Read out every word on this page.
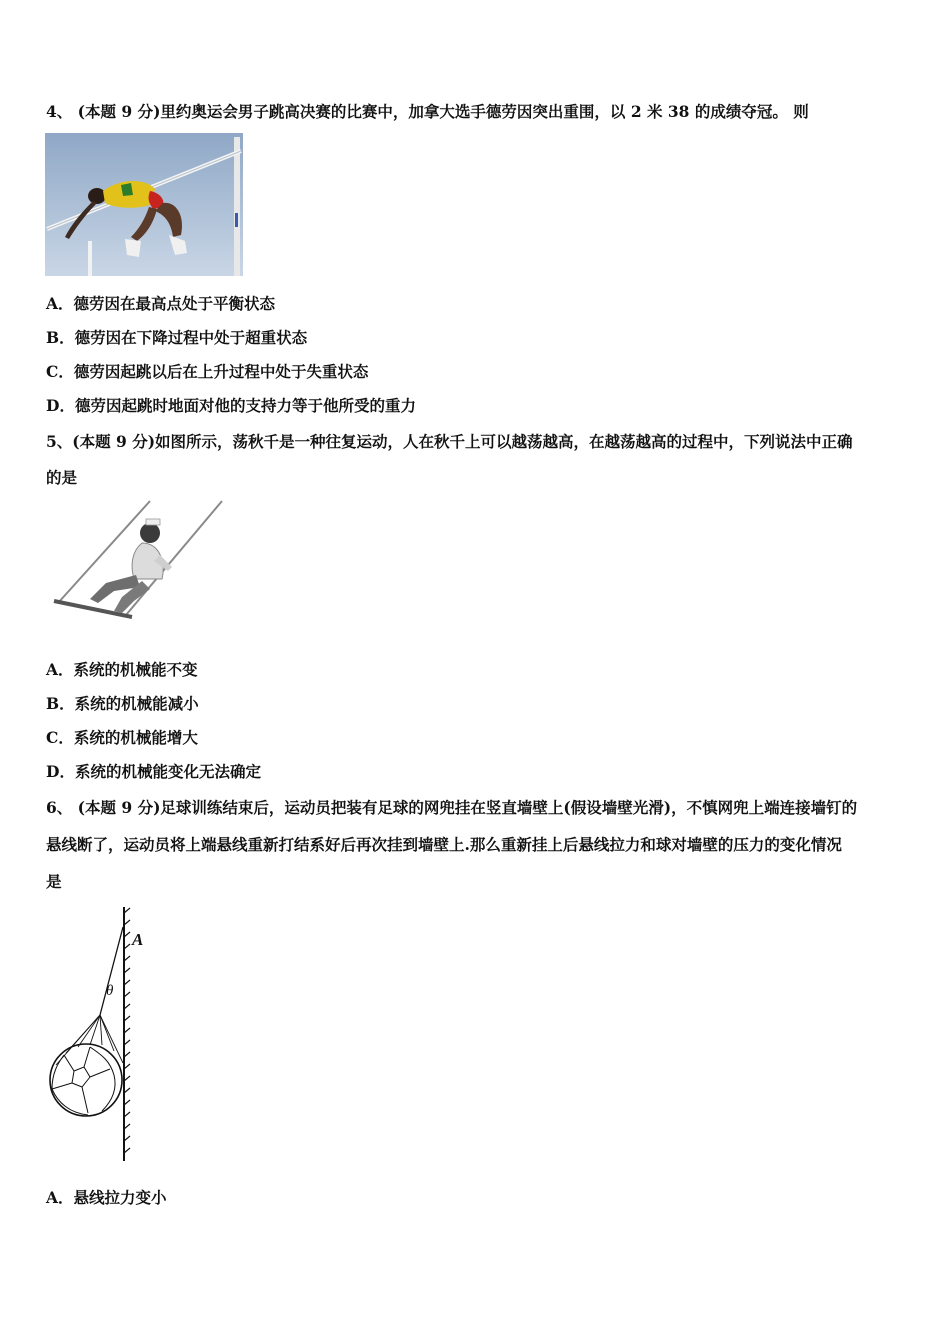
4、 (本题 9 分)里约奥运会男子跳高决赛的比赛中，加拿大选手德劳因突出重围，以 2 米 38 的成绩夺冠。 则
A．德劳因在最高点处于平衡状态
B．德劳因在下降过程中处于超重状态
C．德劳因起跳以后在上升过程中处于失重状态
D．德劳因起跳时地面对他的支持力等于他所受的重力
5、(本题 9 分)如图所示，荡秋千是一种往复运动，人在秋千上可以越荡越高，在越荡越高的过程中，下列说法中正确
的是
A．系统的机械能不变
B．系统的机械能减小
C．系统的机械能增大
D．系统的机械能变化无法确定
6、 (本题 9 分)足球训练结束后，运动员把装有足球的网兜挂在竖直墙壁上(假设墙壁光滑)，不慎网兜上端连接墙钉的
悬线断了，运动员将上端悬线重新打结系好后再次挂到墙壁上.那么重新挂上后悬线拉力和球对墙壁的压力的变化情况
是
A
θ
A．悬线拉力变小
